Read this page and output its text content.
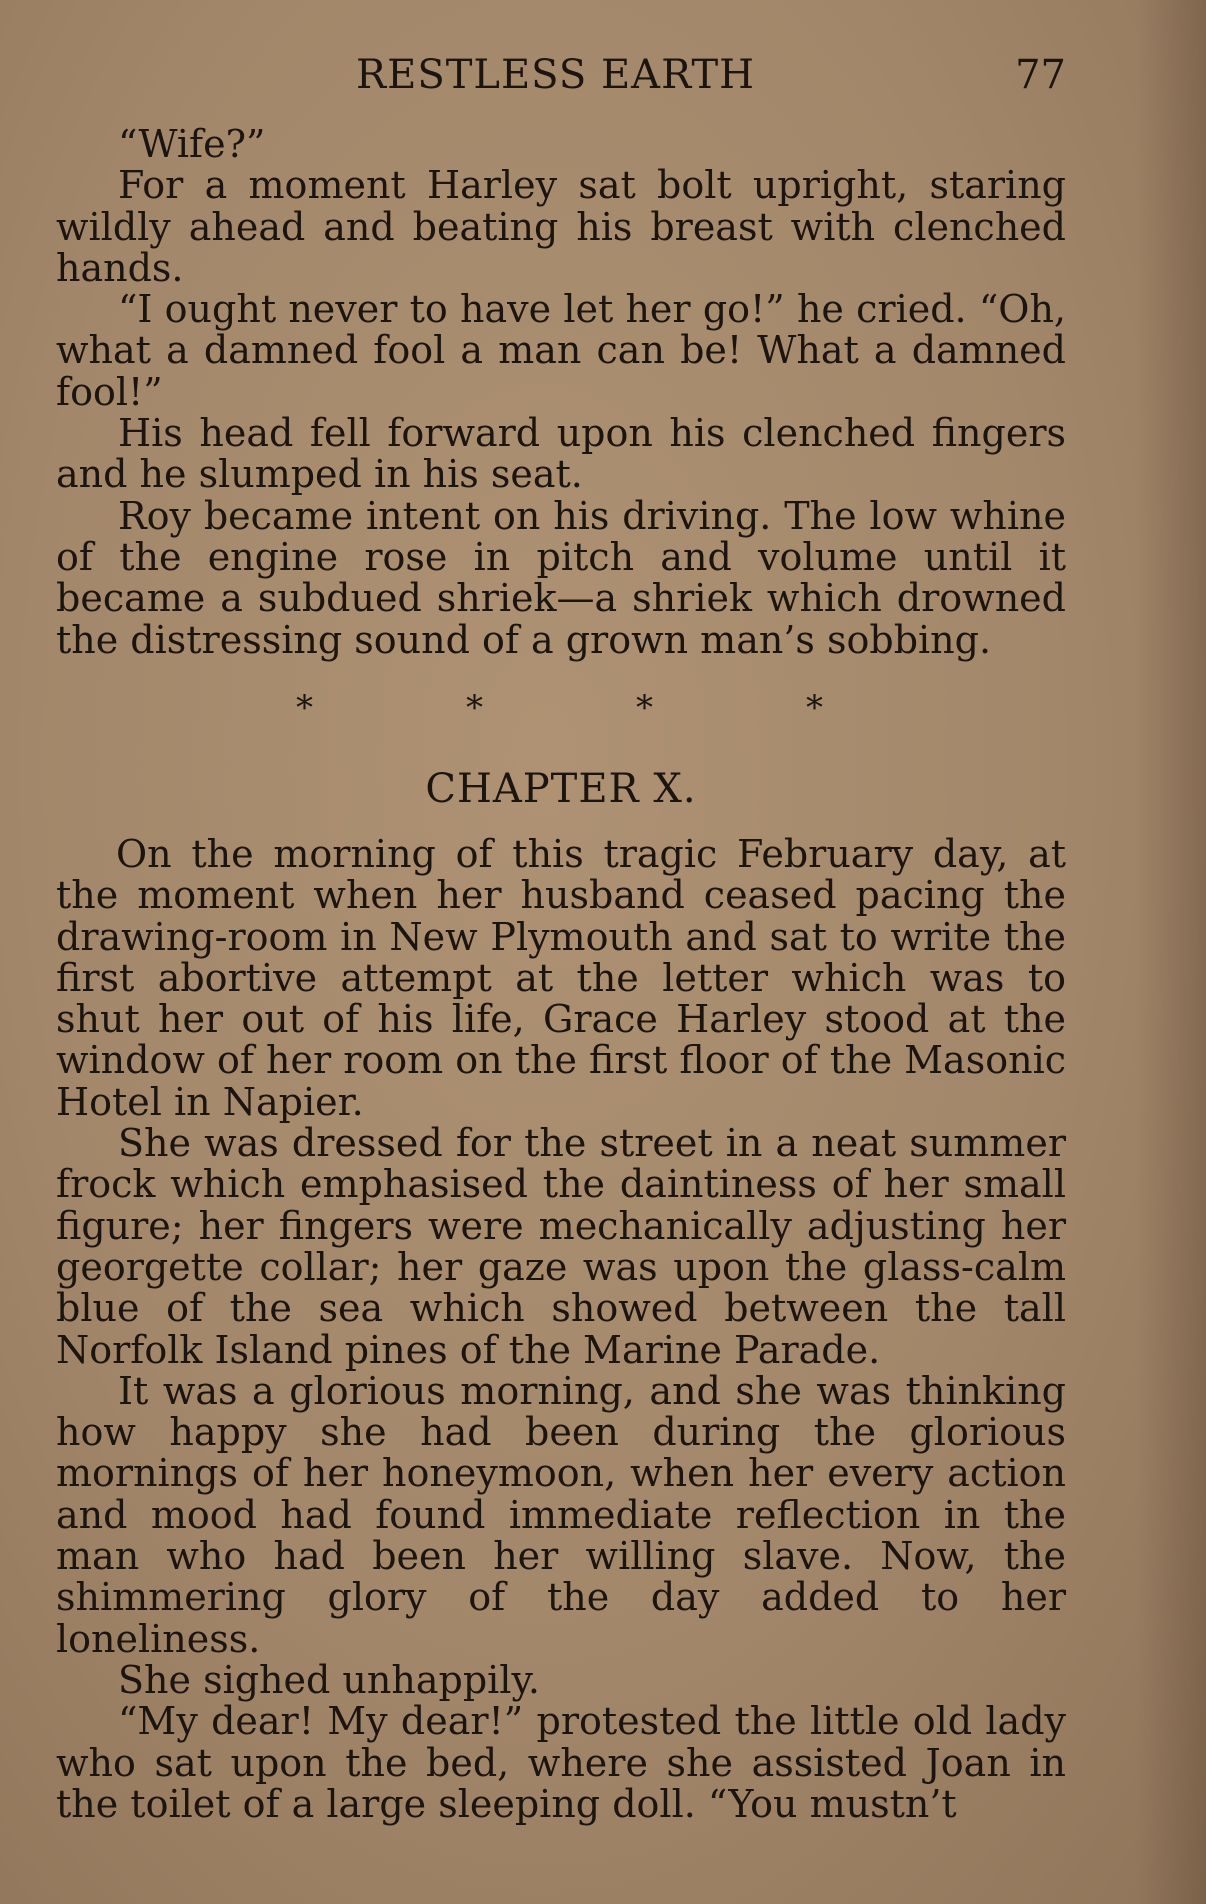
RESTLESS EARTH	77

“Wife?”

For a moment Harley sat bolt upright, staring wildly ahead and beating his breast with clenched hands.

“I ought never to have let her go!” he cried. “Oh, what a damned fool a man can be! What a damned fool!”

His head fell forward upon his clenched fingers and he slumped in his seat.

Roy became intent on his driving. The low whine of the engine rose in pitch and volume until it became a subdued shriek—a shriek which drowned the distressing sound of a grown man’s sobbing.

*	*	*	*
CHAPTER X.

On the morning of this tragic February day, at the moment when her husband ceased pacing the drawing-room in New Plymouth and sat to write the first abortive attempt at the letter which was to shut her out of his life, Grace Harley stood at the window of her room on the first floor of the Masonic Hotel in Napier.

She was dressed for the street in a neat summer frock which emphasised the daintiness of her small figure; her fingers were mechanically adjusting her georgette collar; her gaze was upon the glass-calm blue of the sea which showed between the tall Norfolk Island pines of the Marine Parade.

It was a glorious morning, and she was thinking how happy she had been during the glorious mornings of her honeymoon, when her every action and mood had found immediate reflection in the man who had been her willing slave. Now, the shimmering glory of the day added to her loneliness.

She sighed unhappily.

“My dear! My dear!” protested the little old lady who sat upon the bed, where she assisted Joan in the toilet of a large sleeping doll. “You mustn’t
